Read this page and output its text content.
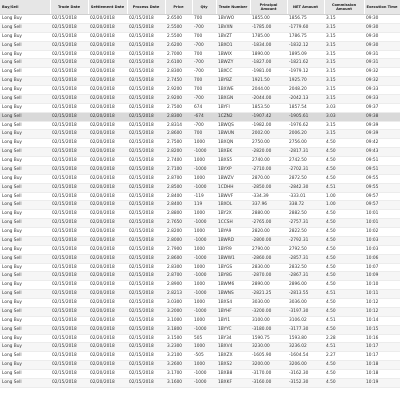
Buy/Sell	Trade Date	Settlement Date	Process Date	Price	Qty	Trade Number	Principal Amount	NET Amount	Commission Amount	Execution Time
Long Buy	02/15/2018	02/20/2018	02/15/2018	2.6500	700	1BVWO	1855.00	1856.75	3.15	09:30
Long Sell	02/15/2018	02/20/2018	02/15/2018	2.5500	-700	1BVXN	-1785.00	-1779.60	3.15	09:30
Long Buy	02/15/2018	02/20/2018	02/15/2018	2.5500	700	1BVZT	1785.00	1786.75	3.15	09:30
Long Sell	02/15/2018	02/20/2018	02/15/2018	2.6200	-700	1BXO1	-1834.00	-1832.12	3.15	09:30
Long Buy	02/15/2018	02/20/2018	02/15/2018	2.7000	700	1BWIX	1890.00	1895.09	3.15	09:31
Long Sell	02/15/2018	02/20/2018	02/15/2018	2.6100	-700	1BWZY	-1827.00	-1821.62	3.15	09:31
Long Sell	02/15/2018	02/20/2018	02/15/2018	2.8300	-700	1BXCC	-1981.00	-1979.12	3.15	09:32
Long Buy	02/15/2018	02/20/2018	02/15/2018	2.7450	700	1BYBZ	1921.50	1925.70	3.15	09:32
Long Buy	02/15/2018	02/20/2018	02/15/2018	2.9200	700	1BXWE	2044.00	2048.20	3.15	09:33
Long Sell	02/15/2018	02/20/2018	02/15/2018	2.9200	-700	1BXGN	-2044.00	-2042.13	3.15	09:33
Long Buy	02/15/2018	02/20/2018	02/15/2018	2.7500	674	1BYFI	1853.50	1857.54	3.03	09:37
Long Sell	02/15/2018	02/20/2018	02/15/2018	2.8300	-674	1CZN2	-1907.42	-1905.61	3.03	09:38
Long Sell	02/15/2018	02/20/2018	02/15/2018	2.8314	-700	1BWQS	-1982.00	-1976.62	3.15	09:39
Long Buy	02/15/2018	02/20/2018	02/15/2018	2.8600	700	1BWUN	2002.00	2006.20	3.15	09:39
Long Buy	02/15/2018	02/20/2018	02/15/2018	2.7500	1000	1BXQN	2750.00	2756.00	4.50	09:42
Long Sell	02/15/2018	02/20/2018	02/15/2018	2.8200	-1000	1BXEK	-2820.00	-2817.31	4.50	09:43
Long Buy	02/15/2018	02/20/2018	02/15/2018	2.7400	1000	1BXS5	2740.00	2742.50	4.50	09:51
Long Sell	02/15/2018	02/20/2018	02/15/2018	2.7100	-1000	1BYXP	-2710.00	-2702.31	4.50	09:51
Long Buy	02/15/2018	02/20/2018	02/15/2018	2.8700	1000	1BWZV	2870.00	2872.50	4.50	09:55
Long Sell	02/15/2018	02/20/2018	02/15/2018	2.8500	-1000	1CDHH	-2850.00	-2842.30	4.51	09:55
Long Sell	02/15/2018	02/20/2018	02/15/2018	2.8400	-119	1BWVF	-334.39	-333.01	1.00	09:57
Long Sell	02/15/2018	02/20/2018	02/15/2018	2.8400	119	1BXOL	337.96	338.72	1.00	09:57
Long Buy	02/15/2018	02/20/2018	02/15/2018	2.8800	1000	1BY2X	2880.00	2882.50	4.50	10:01
Long Sell	02/15/2018	02/20/2018	02/15/2018	2.7650	-1000	1CCSH	-2765.00	-2757.31	4.50	10:01
Long Buy	02/15/2018	02/20/2018	02/15/2018	2.8200	1000	1BYA9	2820.00	2822.50	4.50	10:02
Long Sell	02/15/2018	02/20/2018	02/15/2018	2.8000	-1000	1BWRD	-2800.00	-2792.31	4.50	10:03
Long Buy	02/15/2018	02/20/2018	02/15/2018	2.7900	1000	1BYR9	2790.00	2792.50	4.50	10:03
Long Sell	02/15/2018	02/20/2018	02/15/2018	2.8600	-1000	1BWW1	-2860.00	-2857.31	4.50	10:06
Long Buy	02/15/2018	02/20/2018	02/15/2018	2.8300	1000	1BYGS	2830.00	2832.50	4.50	10:07
Long Sell	02/15/2018	02/20/2018	02/15/2018	2.8700	-1000	1BY8G	-2870.00	-2867.31	4.50	10:09
Long Buy	02/15/2018	02/20/2018	02/15/2018	2.8900	1000	1BWM6	2890.00	2896.00	4.50	10:10
Long Sell	02/15/2018	02/20/2018	02/15/2018	2.8213	-1000	1BWNS	-2821.25	-2813.55	4.51	10:11
Long Buy	02/15/2018	02/20/2018	02/15/2018	3.0300	1000	1BXS4	3030.00	3036.00	4.50	10:12
Long Sell	02/15/2018	02/20/2018	02/15/2018	3.2000	-1000	1BYHF	-3200.00	-3197.30	4.50	10:12
Long Buy	02/15/2018	02/20/2018	02/15/2018	3.1000	1000	1BYI1	3100.00	3106.02	4.51	10:14
Long Sell	02/15/2018	02/20/2018	02/15/2018	3.1800	-1000	1BYYC	-3180.00	-3177.30	4.50	10:15
Long Buy	02/15/2018	02/20/2018	02/15/2018	3.1500	505	1BY34	1590.75	1593.80	2.28	10:16
Long Buy	02/15/2018	02/20/2018	02/15/2018	3.2300	1000	1BXV4	3230.00	3236.02	4.51	10:17
Long Sell	02/15/2018	02/20/2018	02/15/2018	3.2100	-505	1BXZX	-1605.90	-1604.54	2.27	10:17
Long Buy	02/15/2018	02/20/2018	02/15/2018	3.2600	1000	1BXS2	3200.00	3206.00	4.50	10:18
Long Sell	02/15/2018	02/20/2018	02/15/2018	3.1700	-1000	1BXB8	-3170.00	-3162.30	4.50	10:18
Long Sell	02/15/2018	02/20/2018	02/15/2018	3.1600	-1000	1BXKF	-3160.00	-3152.30	4.50	10:19
